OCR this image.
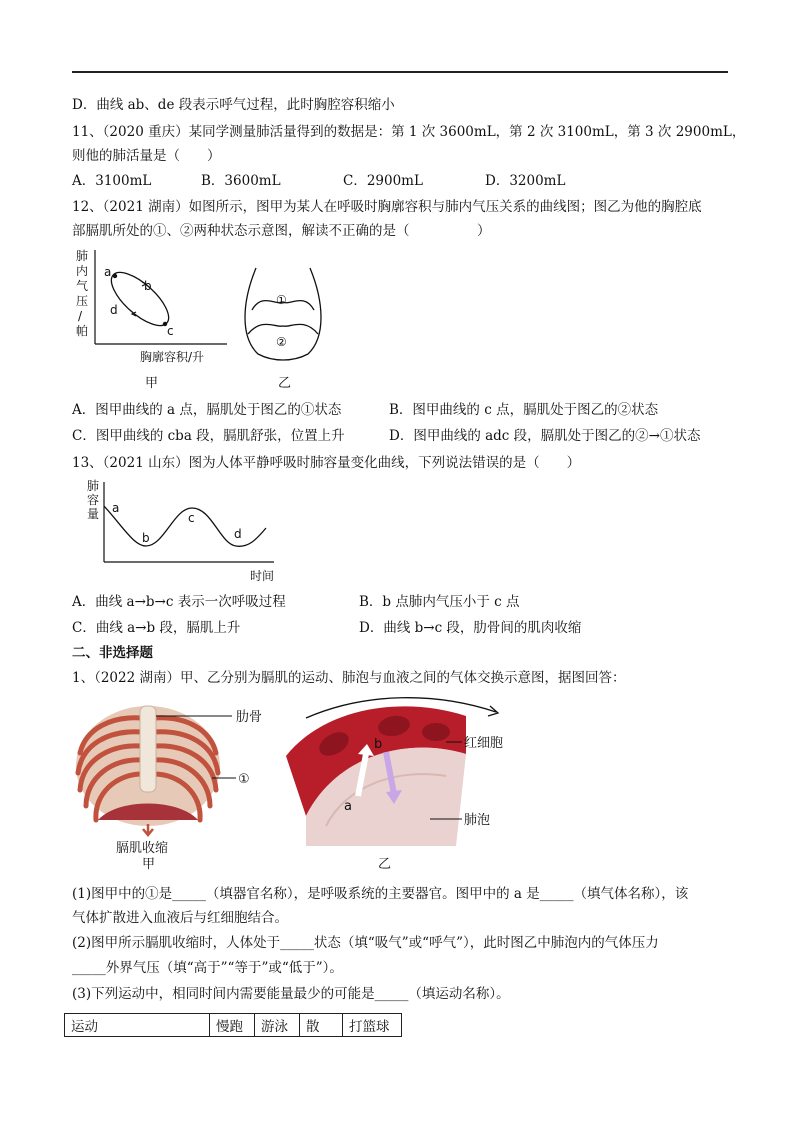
D．曲线 ab、de 段表示呼气过程，此时胸腔容积缩小
11、（2020 重庆）某同学测量肺活量得到的数据是：第 1 次 3600mL，第 2 次 3100mL，第 3 次 2900mL，
则他的肺活量是（　　）
A．3100mL	B．3600mL	C．2900mL	D．3200mL
12、（2021 湖南）如图所示，图甲为某人在呼吸时胸廓容积与肺内气压关系的曲线图；图乙为他的胸腔底
部膈肌所处的①、②两种状态示意图，解读不正确的是（　　　　　）
肺
内
气
压
/
帕
a
b
c
d
胸廓容积/升
甲
①
②
乙
A．图甲曲线的 a 点，膈肌处于图乙的①状态	B．图甲曲线的 c 点，膈肌处于图乙的②状态
C．图甲曲线的 cba 段，膈肌舒张，位置上升	D．图甲曲线的 adc 段，膈肌处于图乙的②→①状态
13、（2021 山东）图为人体平静呼吸时肺容量变化曲线，下列说法错误的是（　　）
肺
容
量 a
b
c
d
时间
A．曲线 a→b→c 表示一次呼吸过程	B．b 点肺内气压小于 c 点
C．曲线 a→b 段，膈肌上升	D．曲线 b→c 段，肋骨间的肌肉收缩
二、非选择题
1、（2022 湖南）甲、乙分别为膈肌的运动、肺泡与血液之间的气体交换示意图，据图回答：
肋骨
①
膈肌收缩
甲
a
b	红细胞
肺泡
乙
(1)图甲中的①是_____（填器官名称），是呼吸系统的主要器官。图甲中的 a 是_____（填气体名称），该
气体扩散进入血液后与红细胞结合。
(2)图甲所示膈肌收缩时，人体处于_____状态（填“吸气”或“呼气”），此时图乙中肺泡内的气体压力
_____外界气压（填“高于”“等于”或“低于”）。
(3)下列运动中，相同时间内需要能量最少的可能是_____（填运动名称）。
运动	慢跑	游泳	散	打篮球
